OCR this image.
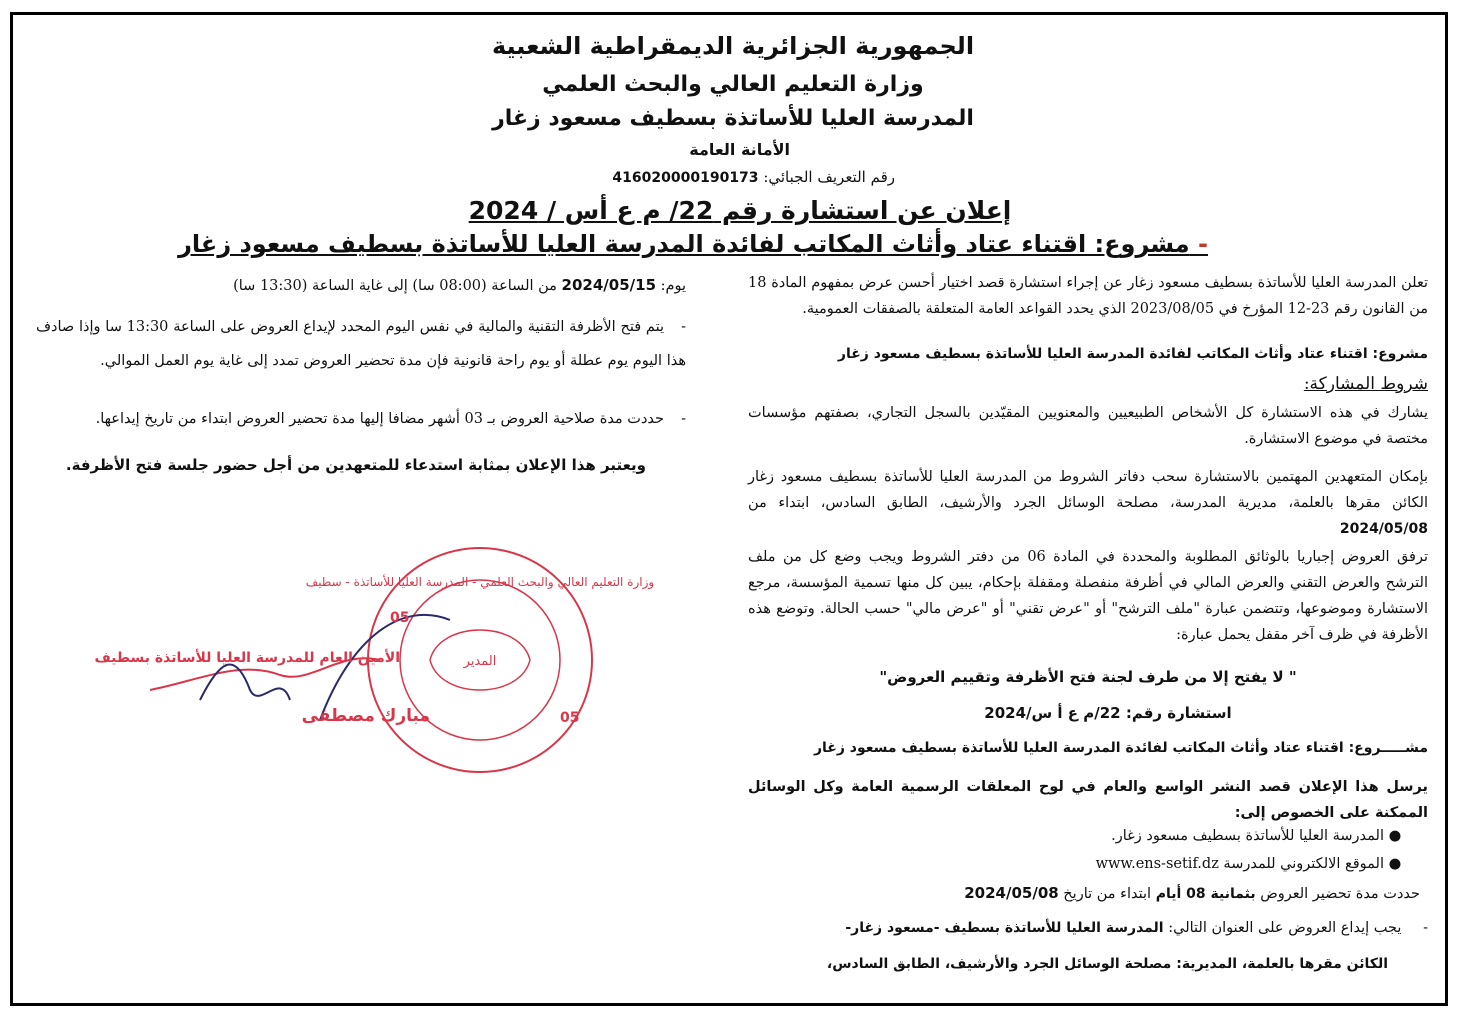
الجمهورية الجزائرية الديمقراطية الشعبية
وزارة التعليم العالي والبحث العلمي
المدرسة العليا للأساتذة بسطيف مسعود زغار
الأمانة العامة
رقم التعريف الجبائي: 416020000190173
إعلان عن استشارة رقم 22/ م ع أس / 2024
- مشروع: اقتناء عتاد وأثاث المكاتب لفائدة المدرسة العليا للأساتذة بسطيف مسعود زغار
تعلن المدرسة العليا للأساتذة بسطيف مسعود زغار عن إجراء استشارة قصد اختيار أحسن عرض بمفهوم المادة 18 من القانون رقم 23-12 المؤرخ في 2023/08/05 الذي يحدد القواعد العامة المتعلقة بالصفقات العمومية.
مشروع: اقتناء عتاد وأثاث المكاتب لفائدة المدرسة العليا للأساتذة بسطيف مسعود زغار
شروط المشاركة:
يشارك في هذه الاستشارة كل الأشخاص الطبيعيين والمعنويين المقيّدين بالسجل التجاري، بصفتهم مؤسسات مختصة في موضوع الاستشارة.
بإمكان المتعهدين المهتمين بالاستشارة سحب دفاتر الشروط من المدرسة العليا للأساتذة بسطيف مسعود زغار الكائن مقرها بالعلمة، مديرية المدرسة، مصلحة الوسائل الجرد والأرشيف، الطابق السادس، ابتداء من 2024/05/08
ترفق العروض إجباريا بالوثائق المطلوبة والمحددة في المادة 06 من دفتر الشروط ويجب وضع كل من ملف الترشح والعرض التقني والعرض المالي في أظرفة منفصلة ومقفلة بإحكام، يبين كل منها تسمية المؤسسة، مرجع الاستشارة وموضوعها، وتتضمن عبارة "ملف الترشح" أو "عرض تقني" أو "عرض مالي" حسب الحالة. وتوضع هذه الأظرفة في ظرف آخر مقفل يحمل عبارة:
" لا يفتح إلا من طرف لجنة فتح الأظرفة وتقييم العروض"
استشارة رقم: 22/م ع أ س/2024
مشـــــروع: اقتناء عتاد وأثاث المكاتب لفائدة المدرسة العليا للأساتذة بسطيف مسعود زغار
يرسل هذا الإعلان قصد النشر الواسع والعام في لوح المعلقات الرسمية العامة وكل الوسائل الممكنة على الخصوص إلى:
●المدرسة العليا للأساتذة بسطيف مسعود زغار.
●الموقع الالكتروني للمدرسة www.ens-setif.dz
حددت مدة تحضير العروض بثمانية 08 أيام ابتداء من تاريخ 2024/05/08
- يجب إيداع العروض على العنوان التالي: المدرسة العليا للأساتذة بسطيف -مسعود زغار-
الكائن مقرها بالعلمة، المديرية: مصلحة الوسائل الجرد والأرشيف، الطابق السادس،
يوم: 2024/05/15 من الساعة (08:00 سا) إلى غاية الساعة (13:30 سا)
-يتم فتح الأظرفة التقنية والمالية في نفس اليوم المحدد لإيداع العروض على الساعة 13:30 سا وإذا صادف هذا اليوم يوم عطلة أو يوم راحة قانونية فإن مدة تحضير العروض تمدد إلى غاية يوم العمل الموالي.
-حددت مدة صلاحية العروض بـ 03 أشهر مضافا إليها مدة تحضير العروض ابتداء من تاريخ إيداعها.
ويعتبر هذا الإعلان بمثابة استدعاء للمتعهدين من أجل حضور جلسة فتح الأظرفة.
وزارة التعليم العالي والبحث العلمي - المدرسة العليا للأساتذة - سطيف
المدير
05
05
الأمين العام للمدرسة العليا للأساتذة بسطيف
مبارك مصطفى
